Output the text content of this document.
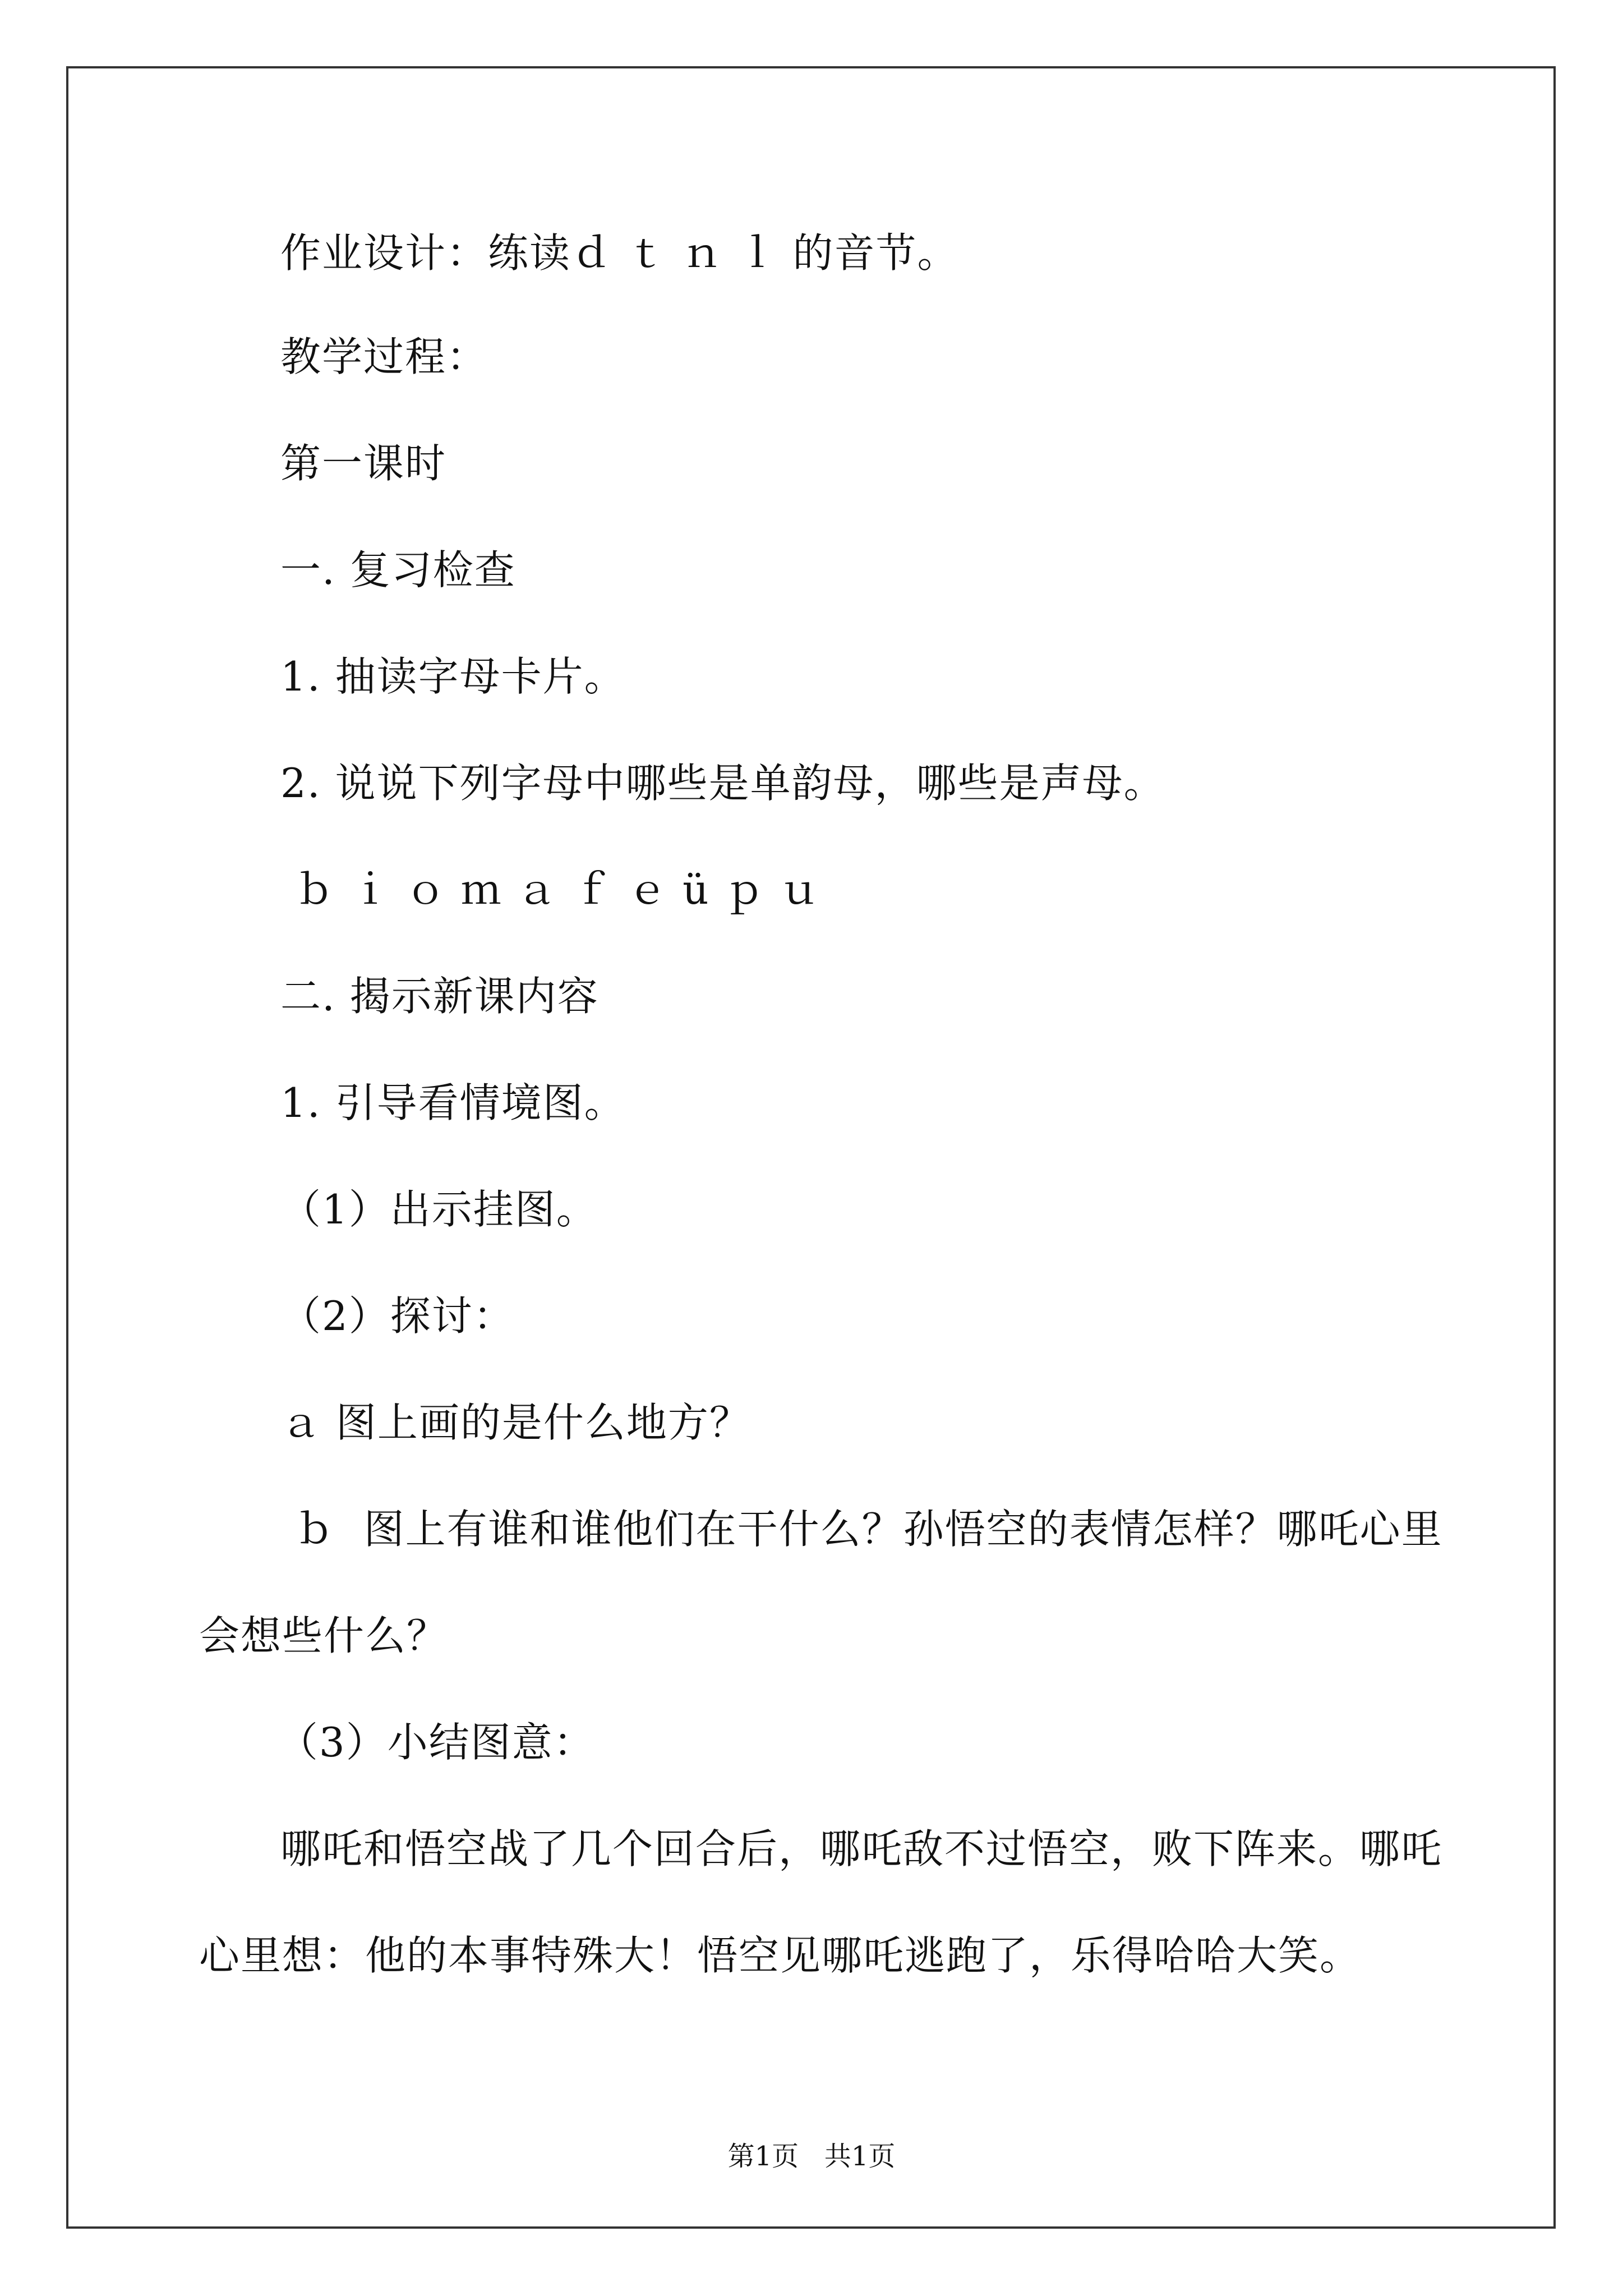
作业设计：练读ｄ ｔ ｎ ｌ 的音节。
教学过程：
第一课时
一. 复习检查
1. 抽读字母卡片。
2. 说说下列字母中哪些是单韵母，哪些是声母。
ｂ ｉ ｏ ｍ ａ ｆ ｅ ü ｐ ｕ
二. 揭示新课内容
1. 引导看情境图。
（1）出示挂图。
（2）探讨：
ａ 图上画的是什么地方？
ｂ  图上有谁和谁他们在干什么？孙悟空的表情怎样？哪吒心里
会想些什么？
（3）小结图意：
哪吒和悟空战了几个回合后，哪吒敌不过悟空，败下阵来。哪吒
心里想：他的本事特殊大！悟空见哪吒逃跑了，乐得哈哈大笑。
第1页   共1页
